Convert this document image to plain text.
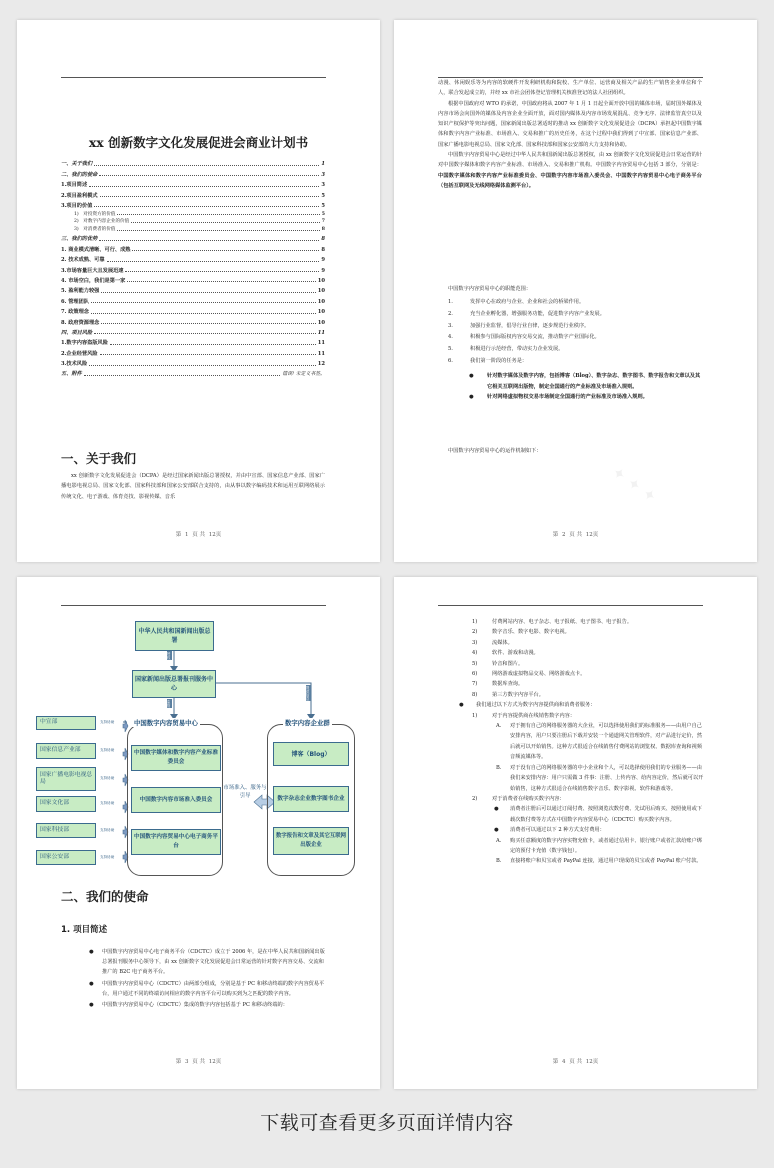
xx 创新数字文化发展促进会商业计划书
一、关于我们	1
二、我们的使命	3
1.项目简述	3
2.项目盈利模式	5
3.项目的价值	5
1)　对投资方的价值	5
2)　对数字内容企业的价值	7
3)　对消费者的价值	8
三、我们的优势	8
1. 商业模式清晰、可行、成熟	8
2. 技术成熟、可靠	9
3.市场容量巨大且发展迅速	9
4. 市场空白，我们是第一家	10
5. 盈利能力较强	10
6. 管理团队	10
7. 政策理念	10
8. 政府资源理念	10
四、项目风险	11
1.数字内容盗版风险	11
2.企业经营风险	11
3.技术风险	12
五、附件	错误! 未定义书签。
一、关于我们

xx 创新数字文化发展促进会（DCPA）是经过国家新闻出版总署授权，并由中宣部、国家信息产业部、国家广播电影电视总局、国家文化部、国家科技部和国家公安部联合支持的，由从事以数字编码技术和运用互联网络展示传统文化、电子游戏、体育竞技、影视传媒、音乐

第 1 页 共 12页

动漫、休闲娱乐等为内容的软硬件开发利研机构和院校、生产单位、运营商及相关产品的生产销售企业单位和个人，联合发起成立的，并经 xx 市社会团体登记管理机关核准登记的法人社团组织。

根据中国政府对 WTO 的承诺，中国政府将从 2007 年 1 月 1 日起全面开放中国的媒体市场，届时国外媒体及内容市场会向国外的媒体及内容企业全面开放，面对国内媒体及内容市场发展混乱、竞争无序、法律监管真空以及知识产权保护等突出问题，国家新闻出版总署适时的推动 xx 创新数字文化发展促进会（DCPA）承担起中国数字媒体和数字内容产业标准、市场准入、交易和推广的历史任务，在这个过程中我们得到了中宣部、国家信息产业部、国家广播电影电视总局、国家文化部、国家科技部和国家公安部的大力支持和协助。

中国数字内容贸易中心是经过中华人民共和国新闻出版总署授权，由 xx 创新数字文化发展促进会日常运营的针对中国数字媒体和数字内容产业标准、市场准入、交易和推广机构。中国数字内容贸易中心包括 3 部分，分别是：中国数字媒体和数字内容产业标准委员会、中国数字内容市场准入委员会、中国数字内容贸易中心电子商务平台（包括互联网及无线网络媒体监测平台）。

中国数字内容贸易中心的职能范围：

1.	发挥中心在政府与企业、企业和社会的桥梁作用。
2.	充当企业孵化器，增强服务功能，促进数字内容产业发展。
3.	加强行业监督，倡导行业自律，逐步规范行业秩序。
4.	积极参与国际版权内容交易交流，推动数字产业国际化。
5.	积极进行示范经营，带动实力企业发展。
6.	我们第一阶段的任务是：
●	针对数字媒体及数字内容，包括博客（Blog）、数字杂志、数字图书、数字报告和文章以及其它相关互联网出版物，制定全国通行的产业标准及市场准入规则。
●	针对网络虚拟物权交易市场制定全国通行的产业标准及市场准入规则。

中国数字内容贸易中心的运作机制如下：

✦ ✦ ✦
第 2 页 共 12页
中华人民共和国新闻出版总署
授权
国家新闻出版总署报刊服务中心
监管
提供信息
中国数字内容贸易中心
中国数字媒体和数字内容产业标准委员会
中国数字内容市场准入委员会
中国数字内容贸易中心电子商务平台
数字内容企业群
博客（Blog）
数字杂志企业数字图书企业
数字报告和文章及其它互联网出版企业
市场准入、服务与引导
中宣部	支持协助
国家信息产业部	支持协助
国家广播电影电视总局
支持协助
国家文化部	支持协助
国家科技部	支持协助
国家公安部	支持协助
二、我们的使命
1. 项目简述
●	中国数字内容贸易中心电子商务平台（CDCTC）成立于 2006 年，是在中华人民共和国新闻出版总署报刊服务中心领导下，由 xx 创新数字文化发展促进会日常运营的针对数字内容交易、交流和推广的 B2C 电子商务平台。
●	中国数字内容贸易中心（CDCTC）由两部分组成，分别是基于 PC 和移动终端的数字内容贸易平台，用户通过不同的终端访问相应的数字内容平台可以购买到为之匹配的数字内容。
●	中国数字内容贸易中心（CDCTC）集成的数字内容包括基于 PC 和移动终端的：
第 3 页 共 12页
1)	付费网站内容、电子杂志、电子报纸、电子图书、电子报告。
2)	数字音乐、数字电影、数字电视。
3)	流媒体。
4)	软件、游戏和动漫。
5)	铃音和图片。
6)	网络游戏虚拟物品交易、网络游戏点卡。
7)	数据库查询。
8)	第三方数字内容平台。
●	我们通过以下方式为数字内容提供商和消费者服务：
1)	对于内容提供商在线销售数字内容：
A.	对于拥有自己的网络服务器的大企业，可以选择使用我们的标准服务——由用户自己安排内容，用户只要注册后下载并安装一个通道网关管理软件，对产品进行定价，然后就可以开始销售。这种方式很适合在线销售付费网站的浏览权、数据库查询和视频音频流媒体等。
B.	对于没有自己的网络服务器的中小企业和个人，可以选择使用我们的专业服务——由我们来安排内容：用户只需做 3 件事：注册、上传内容、给内容定价，然后就可以开始销售，这种方式很适合在线销售数字音乐、数字影视、软件和游戏等。
2)	对于消费者在线购买数字内容：
●	消费者注册后可以通过订阅付费、按照浏览次数付费、先试用后购买、按照使用或下载次数付费等方式在中国数字内容贸易中心（CDCTC）购买数字内容。
●	消费者可以通过以下 2 种方式支付费用：
A.	购买任意额度的数字内容实物充值卡，或者通过信用卡、银行账户或者汇款给账户绑定的预付卡充值（数字钱包）。
B.	直接将账户和贝宝或者 PayPal 连接，通过用户现成的贝宝或者 PayPal 账户付款。
第 4 页 共 12页
下载可查看更多页面详情内容
